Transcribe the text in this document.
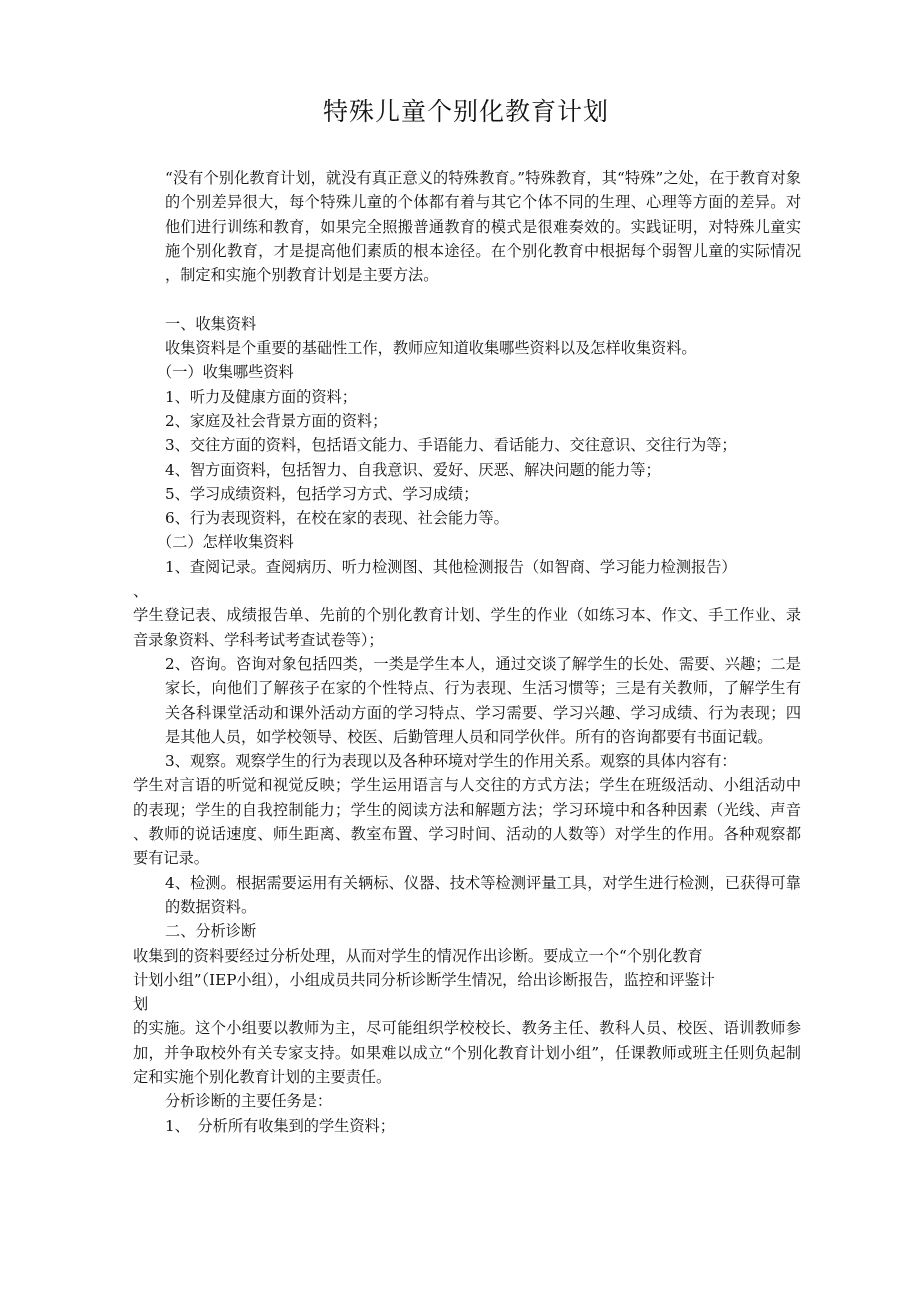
特殊儿童个别化教育计划

“没有个别化教育计划，就没有真正意义的特殊教育。”特殊教育，其“特殊”之处，在于教育对象的个别差异很大，每个特殊儿童的个体都有着与其它个体不同的生理、心理等方面的差异。对他们进行训练和教育，如果完全照搬普通教育的模式是很难奏效的。实践证明，对特殊儿童实施个别化教育，才是提高他们素质的根本途径。在个别化教育中根据每个弱智儿童的实际情况，制定和实施个别教育计划是主要方法。

一、收集资料

收集资料是个重要的基础性工作，教师应知道收集哪些资料以及怎样收集资料。

（一）收集哪些资料

1、听力及健康方面的资料；

2、家庭及社会背景方面的资料；

3、交往方面的资料，包括语文能力、手语能力、看话能力、交往意识、交往行为等；

4、智方面资料，包括智力、自我意识、爱好、厌恶、解决问题的能力等；

5、学习成绩资料，包括学习方式、学习成绩；

6、行为表现资料，在校在家的表现、社会能力等。

（二）怎样收集资料

1、查阅记录。查阅病历、听力检测图、其他检测报告（如智商、学习能力检测报告）

、

学生登记表、成绩报告单、先前的个别化教育计划、学生的作业（如练习本、作文、手工作业、录音录象资料、学科考试考查试卷等）；

2、咨询。咨询对象包括四类，一类是学生本人，通过交谈了解学生的长处、需要、兴趣；二是家长，向他们了解孩子在家的个性特点、行为表现、生活习惯等；三是有关教师，了解学生有关各科课堂活动和课外活动方面的学习特点、学习需要、学习兴趣、学习成绩、行为表现；四是其他人员，如学校领导、校医、后勤管理人员和同学伙伴。所有的咨询都要有书面记载。

3、观察。观察学生的行为表现以及各种环境对学生的作用关系。观察的具体内容有：

学生对言语的听觉和视觉反映；学生运用语言与人交往的方式方法；学生在班级活动、小组活动中的表现；学生的自我控制能力；学生的阅读方法和解题方法；学习环境中和各种因素（光线、声音、教师的说话速度、师生距离、教室布置、学习时间、活动的人数等）对学生的作用。各种观察都要有记录。

4、检测。根据需要运用有关辆标、仪器、技术等检测评量工具，对学生进行检测，已获得可靠的数据资料。

二、分析诊断

收集到的资料要经过分析处理，从而对学生的情况作出诊断。要成立一个“个别化教育

计划小组”（IEP小组），小组成员共同分析诊断学生情况，给出诊断报告，监控和评鉴计

划

的实施。这个小组要以教师为主，尽可能组织学校校长、教务主任、教科人员、校医、语训教师参加，并争取校外有关专家支持。如果难以成立“个别化教育计划小组”，任课教师或班主任则负起制定和实施个别化教育计划的主要责任。

分析诊断的主要任务是：

1、　分析所有收集到的学生资料；
